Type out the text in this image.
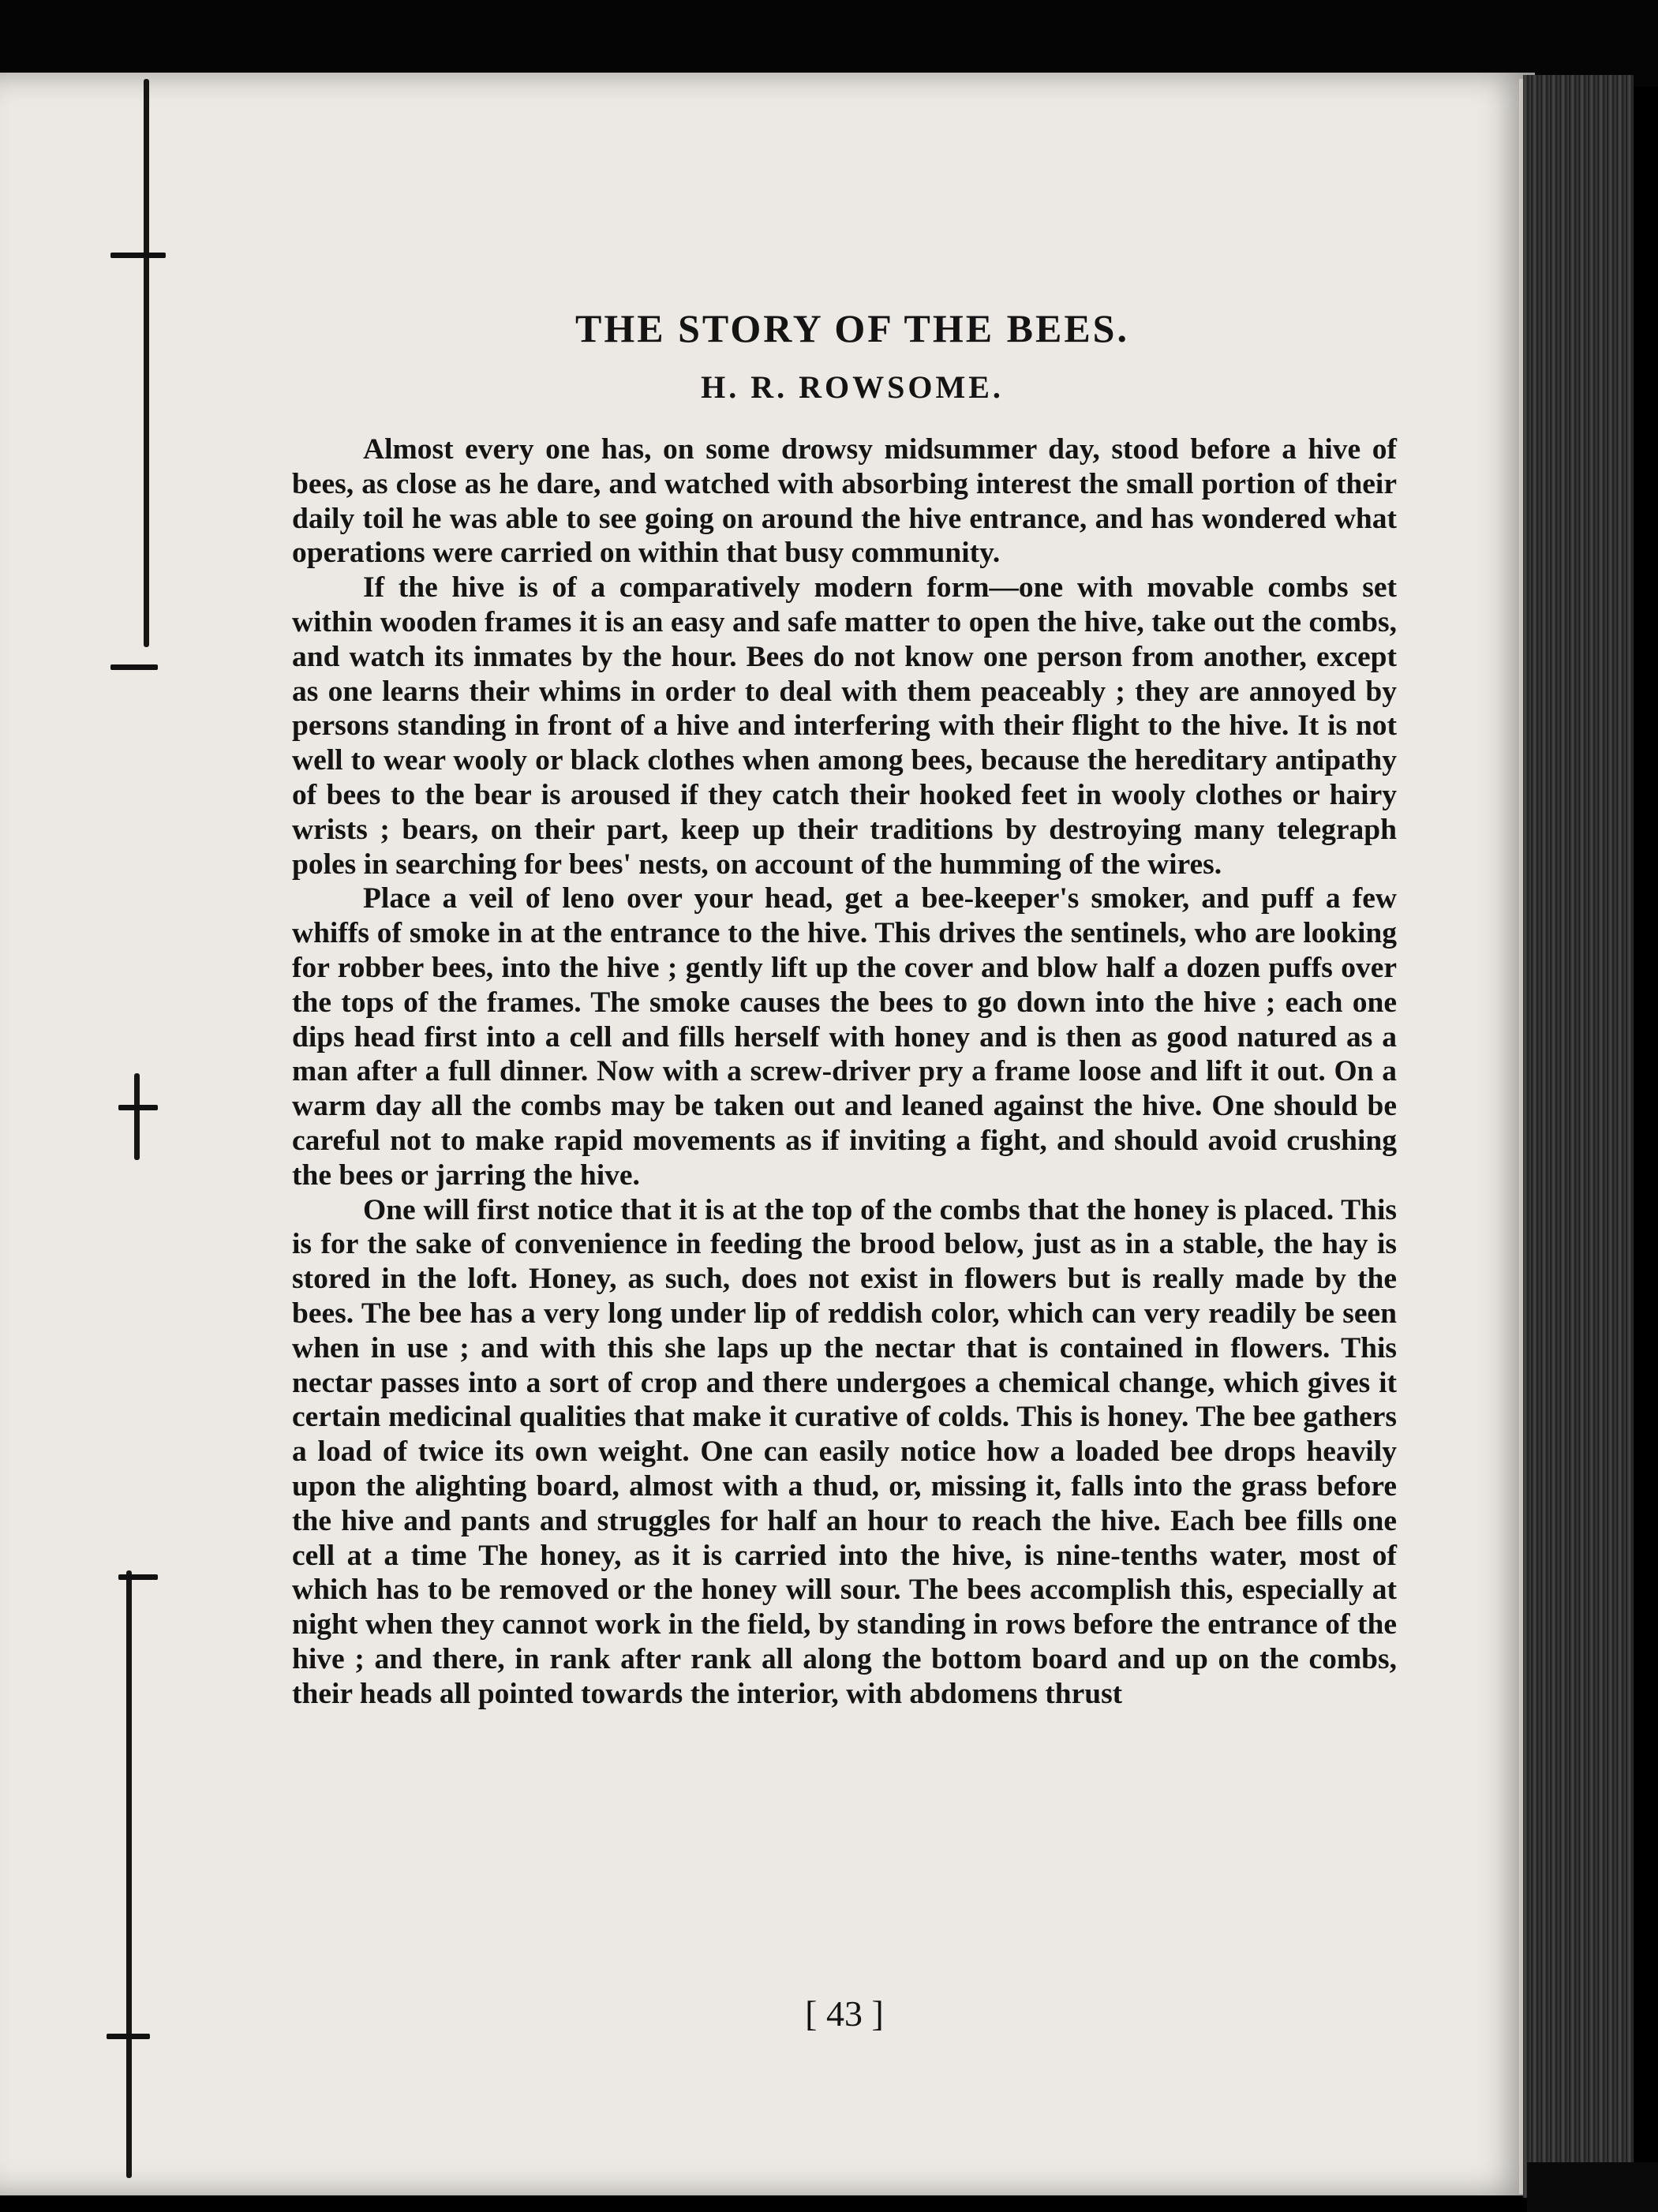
THE STORY OF THE BEES.
H. R. ROWSOME.

Almost every one has, on some drowsy midsummer day, stood before a hive of bees, as close as he dare, and watched with absorbing interest the small portion of their daily toil he was able to see going on around the hive entrance, and has wondered what operations were carried on within that busy community.

If the hive is of a comparatively modern form—one with movable combs set within wooden frames it is an easy and safe matter to open the hive, take out the combs, and watch its inmates by the hour. Bees do not know one person from another, except as one learns their whims in order to deal with them peaceably ; they are annoyed by persons standing in front of a hive and interfering with their flight to the hive. It is not well to wear wooly or black clothes when among bees, because the hereditary antipathy of bees to the bear is aroused if they catch their hooked feet in wooly clothes or hairy wrists ; bears, on their part, keep up their traditions by destroying many telegraph poles in searching for bees' nests, on account of the humming of the wires.

Place a veil of leno over your head, get a bee-keeper's smoker, and puff a few whiffs of smoke in at the entrance to the hive. This drives the sentinels, who are looking for robber bees, into the hive ; gently lift up the cover and blow half a dozen puffs over the tops of the frames. The smoke causes the bees to go down into the hive ; each one dips head first into a cell and fills herself with honey and is then as good natured as a man after a full dinner. Now with a screw-driver pry a frame loose and lift it out. On a warm day all the combs may be taken out and leaned against the hive. One should be careful not to make rapid movements as if inviting a fight, and should avoid crushing the bees or jarring the hive.

One will first notice that it is at the top of the combs that the honey is placed. This is for the sake of convenience in feeding the brood below, just as in a stable, the hay is stored in the loft. Honey, as such, does not exist in flowers but is really made by the bees. The bee has a very long under lip of reddish color, which can very readily be seen when in use ; and with this she laps up the nectar that is contained in flowers. This nectar passes into a sort of crop and there undergoes a chemical change, which gives it certain medicinal qualities that make it curative of colds. This is honey. The bee gathers a load of twice its own weight. One can easily notice how a loaded bee drops heavily upon the alighting board, almost with a thud, or, missing it, falls into the grass before the hive and pants and struggles for half an hour to reach the hive. Each bee fills one cell at a time The honey, as it is carried into the hive, is nine-tenths water, most of which has to be removed or the honey will sour. The bees accomplish this, especially at night when they cannot work in the field, by standing in rows before the entrance of the hive ; and there, in rank after rank all along the bottom board and up on the combs, their heads all pointed towards the interior, with abdomens thrust

[ 43 ]
